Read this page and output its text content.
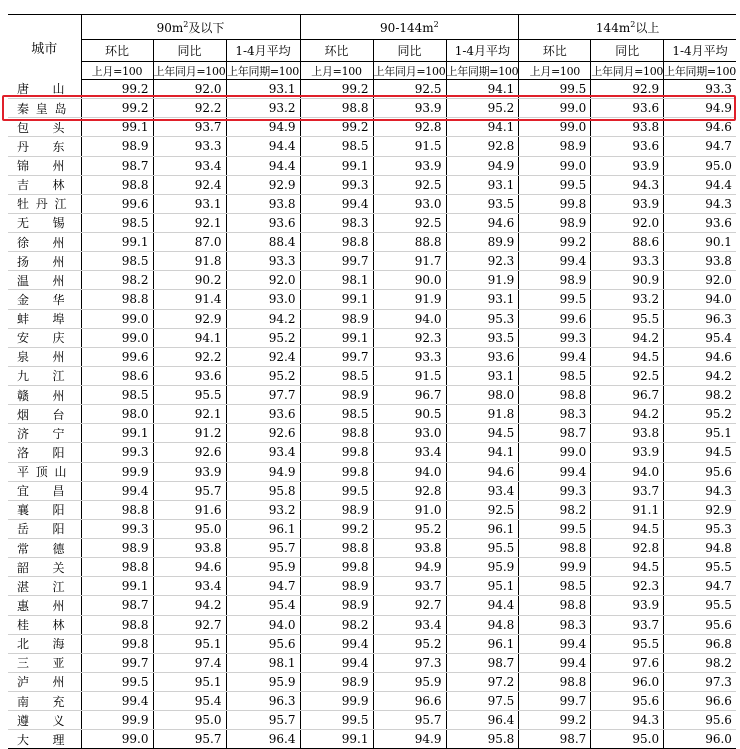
城市	$90m^2$及以下			$90-144m^2$			$144m^2$以上		
	环比	同比	1-4月平均	环比	同比	1-4月平均	环比	同比	1-4月平均
	上月=100	上年同月=100	上年同期=100	上月=100	上年同月=100	上年同期=100	上月=100	上年同月=100	上年同期=100

唐 山	99.2	92.0	93.1	99.2	92.5	94.1	99.5	92.9	93.3

秦 皇 岛	99.2	92.2	93.2	98.8	93.9	95.2	99.0	93.6	94.9

包 头	99.1	93.7	94.9	99.2	92.8	94.1	99.0	93.8	94.6

丹 东	98.9	93.3	94.4	98.5	91.5	92.8	98.9	93.6	94.7

锦 州	98.7	93.4	94.4	99.1	93.9	94.9	99.0	93.9	95.0

吉 林	98.8	92.4	92.9	99.3	92.5	93.1	99.5	94.3	94.4

牡 丹 江	99.6	93.1	93.8	99.4	93.0	93.5	99.8	93.9	94.3

无 锡	98.5	92.1	93.6	98.3	92.5	94.6	98.9	92.0	93.6

徐 州	99.1	87.0	88.4	98.8	88.8	89.9	99.2	88.6	90.1

扬 州	98.5	91.8	93.3	99.7	91.7	92.3	99.4	93.3	93.8

温 州	98.2	90.2	92.0	98.1	90.0	91.9	98.9	90.9	92.0

金 华	98.8	91.4	93.0	99.1	91.9	93.1	99.5	93.2	94.0

蚌 埠	99.0	92.9	94.2	98.9	94.0	95.3	99.6	95.5	96.3

安 庆	99.0	94.1	95.2	99.1	92.3	93.5	99.3	94.2	95.4

泉 州	99.6	92.2	92.4	99.7	93.3	93.6	99.4	94.5	94.6

九 江	98.6	93.6	95.2	98.5	91.5	93.1	98.5	92.5	94.2

赣 州	98.5	95.5	97.7	98.9	96.7	98.0	98.8	96.7	98.2

烟 台	98.0	92.1	93.6	98.5	90.5	91.8	98.3	94.2	95.2

济 宁	99.1	91.2	92.6	98.8	93.0	94.5	98.7	93.8	95.1

洛 阳	99.3	92.6	93.4	99.8	93.4	94.1	99.0	93.9	94.5

平 顶 山	99.9	93.9	94.9	99.8	94.0	94.6	99.4	94.0	95.6

宜 昌	99.4	95.7	95.8	99.5	92.8	93.4	99.3	93.7	94.3

襄 阳	98.8	91.6	93.2	98.9	91.0	92.5	98.2	91.1	92.9

岳 阳	99.3	95.0	96.1	99.2	95.2	96.1	99.5	94.5	95.3

常 德	98.9	93.8	95.7	98.8	93.8	95.5	98.8	92.8	94.8

韶 关	98.8	94.6	95.9	99.8	94.9	95.9	99.9	94.5	95.5

湛 江	99.1	93.4	94.7	98.9	93.7	95.1	98.5	92.3	94.7

惠 州	98.7	94.2	95.4	98.9	92.7	94.4	98.8	93.9	95.5

桂 林	98.8	92.7	94.0	98.2	93.4	94.8	98.3	93.7	95.6

北 海	99.8	95.1	95.6	99.4	95.2	96.1	99.4	95.5	96.8

三 亚	99.7	97.4	98.1	99.4	97.3	98.7	99.4	97.6	98.2

泸 州	99.5	95.1	95.9	98.9	95.9	97.2	98.8	96.0	97.3

南 充	99.4	95.4	96.3	99.9	96.6	97.5	99.7	95.6	96.6

遵 义	99.9	95.0	95.7	99.5	95.7	96.4	99.2	94.3	95.6

大 理	99.0	95.7	96.4	99.1	94.9	95.8	98.7	95.0	96.0
